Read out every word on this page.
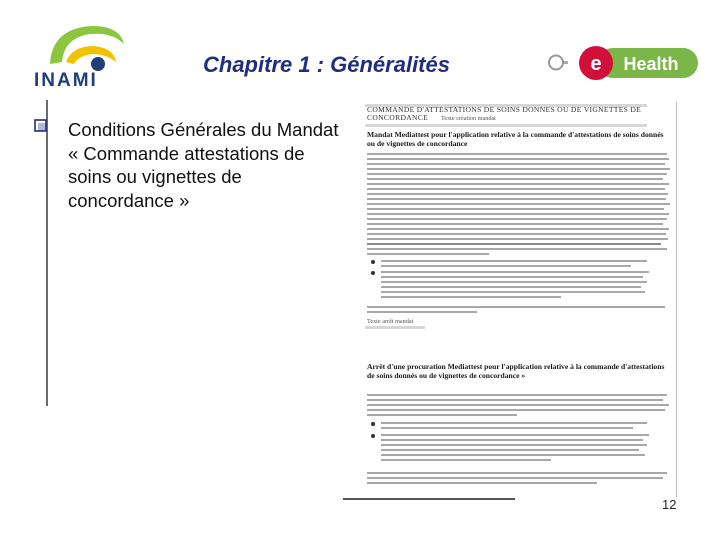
INAMI
Chapitre 1 : Généralités	e Health
Conditions Générales du Mandat « Commande attestations de soins ou vignettes de concordance »
COMMANDE D'ATTESTATIONS DE SOINS DONNES OU DE VIGNETTES DE
CONCORDANCE Texte création mandat
Mandat Mediattest pour l'application relative à la commande d'attestations de soins donnés ou de vignettes de concordance
Texte arrêt mandat
Arrêt d'une procuration Mediattest pour l'application relative à la commande d'attestations de soins donnés ou de vignettes de concordance »
12
